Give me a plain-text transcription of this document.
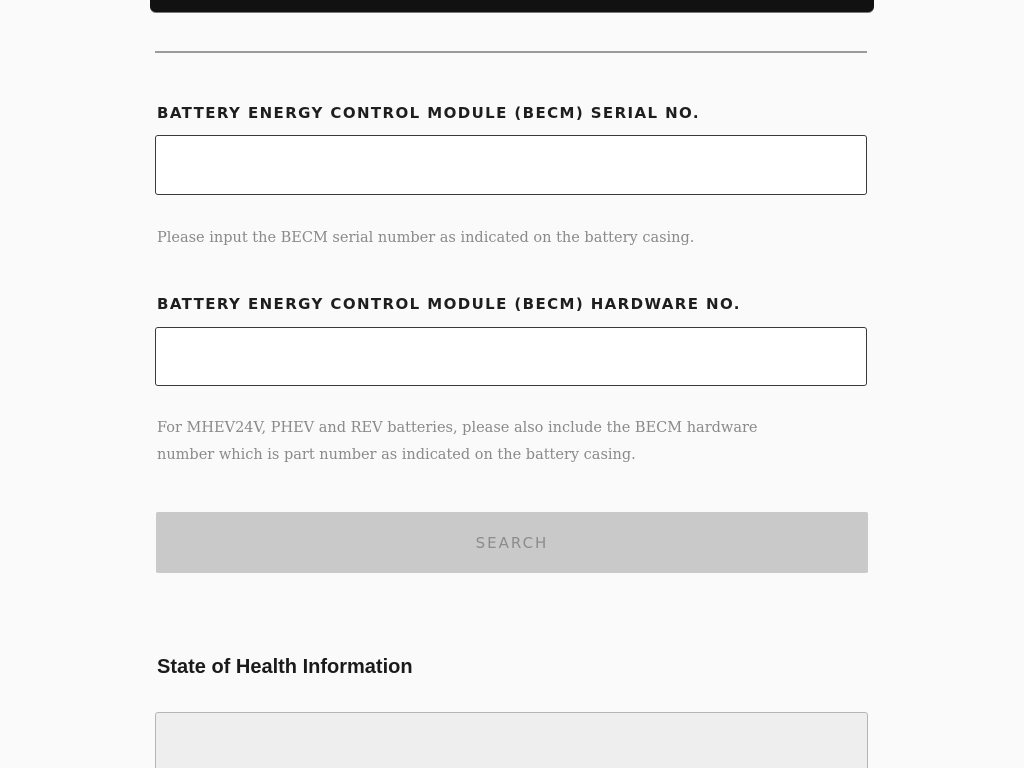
BATTERY ENERGY CONTROL MODULE (BECM) SERIAL NO.
Please input the BECM serial number as indicated on the battery casing.
BATTERY ENERGY CONTROL MODULE (BECM) HARDWARE NO.
For MHEV24V, PHEV and REV batteries, please also include the BECM hardware
number which is part number as indicated on the battery casing.
SEARCH
State of Health Information
